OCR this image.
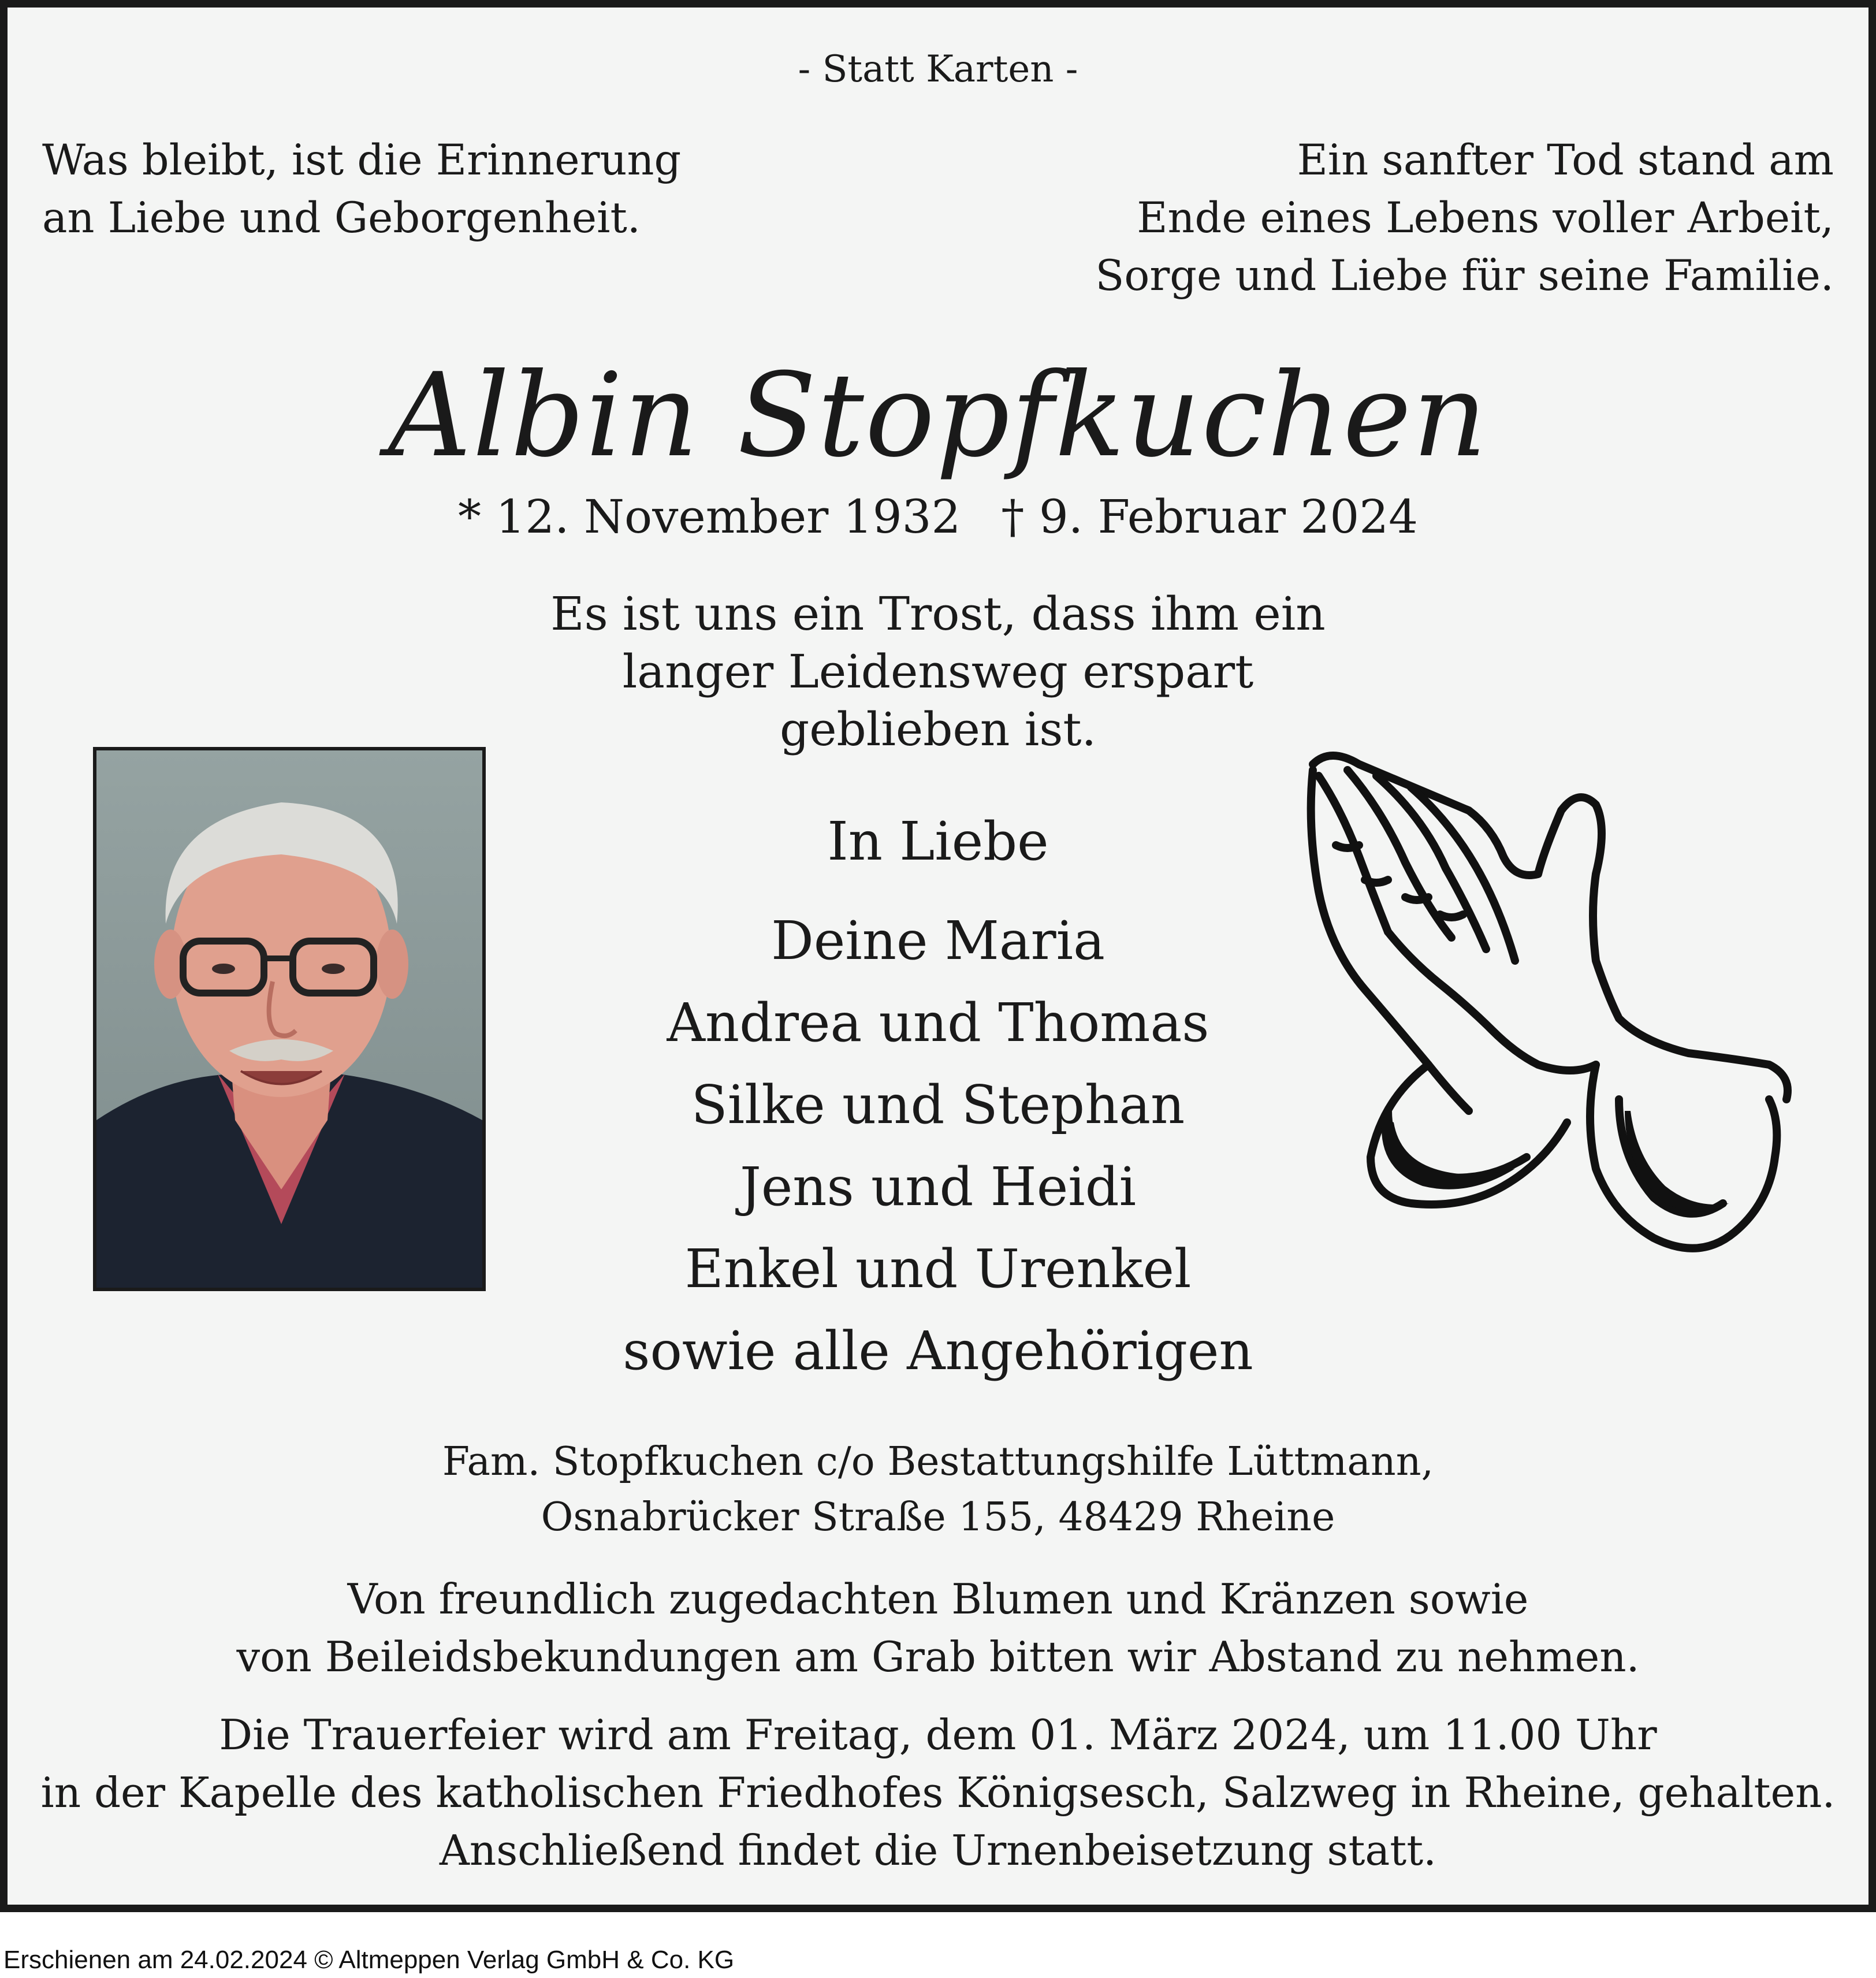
- Statt Karten -

Was bleibt, ist die Erinnerung
an Liebe und Geborgenheit.
Ein sanfter Tod stand am
Ende eines Lebens voller Arbeit,
Sorge und Liebe für seine Familie.

Albin Stopfkuchen

* 12. November 1932 † 9. Februar 2024

Es ist uns ein Trost, dass ihm ein
langer Leidensweg erspart
geblieben ist.

In Liebe

Deine Maria
Andrea und Thomas
Silke und Stephan
Jens und Heidi
Enkel und Urenkel
sowie alle Angehörigen
Fam. Stopfkuchen c/o Bestattungshilfe Lüttmann,
Osnabrücker Straße 155, 48429 Rheine
Von freundlich zugedachten Blumen und Kränzen sowie
von Beileidsbekundungen am Grab bitten wir Abstand zu nehmen.
Die Trauerfeier wird am Freitag, dem 01. März 2024, um 11.00 Uhr
in der Kapelle des katholischen Friedhofes Königsesch, Salzweg in Rheine, gehalten.
Anschließend findet die Urnenbeisetzung statt.
Erschienen am 24.02.2024 © Altmeppen Verlag GmbH & Co. KG
